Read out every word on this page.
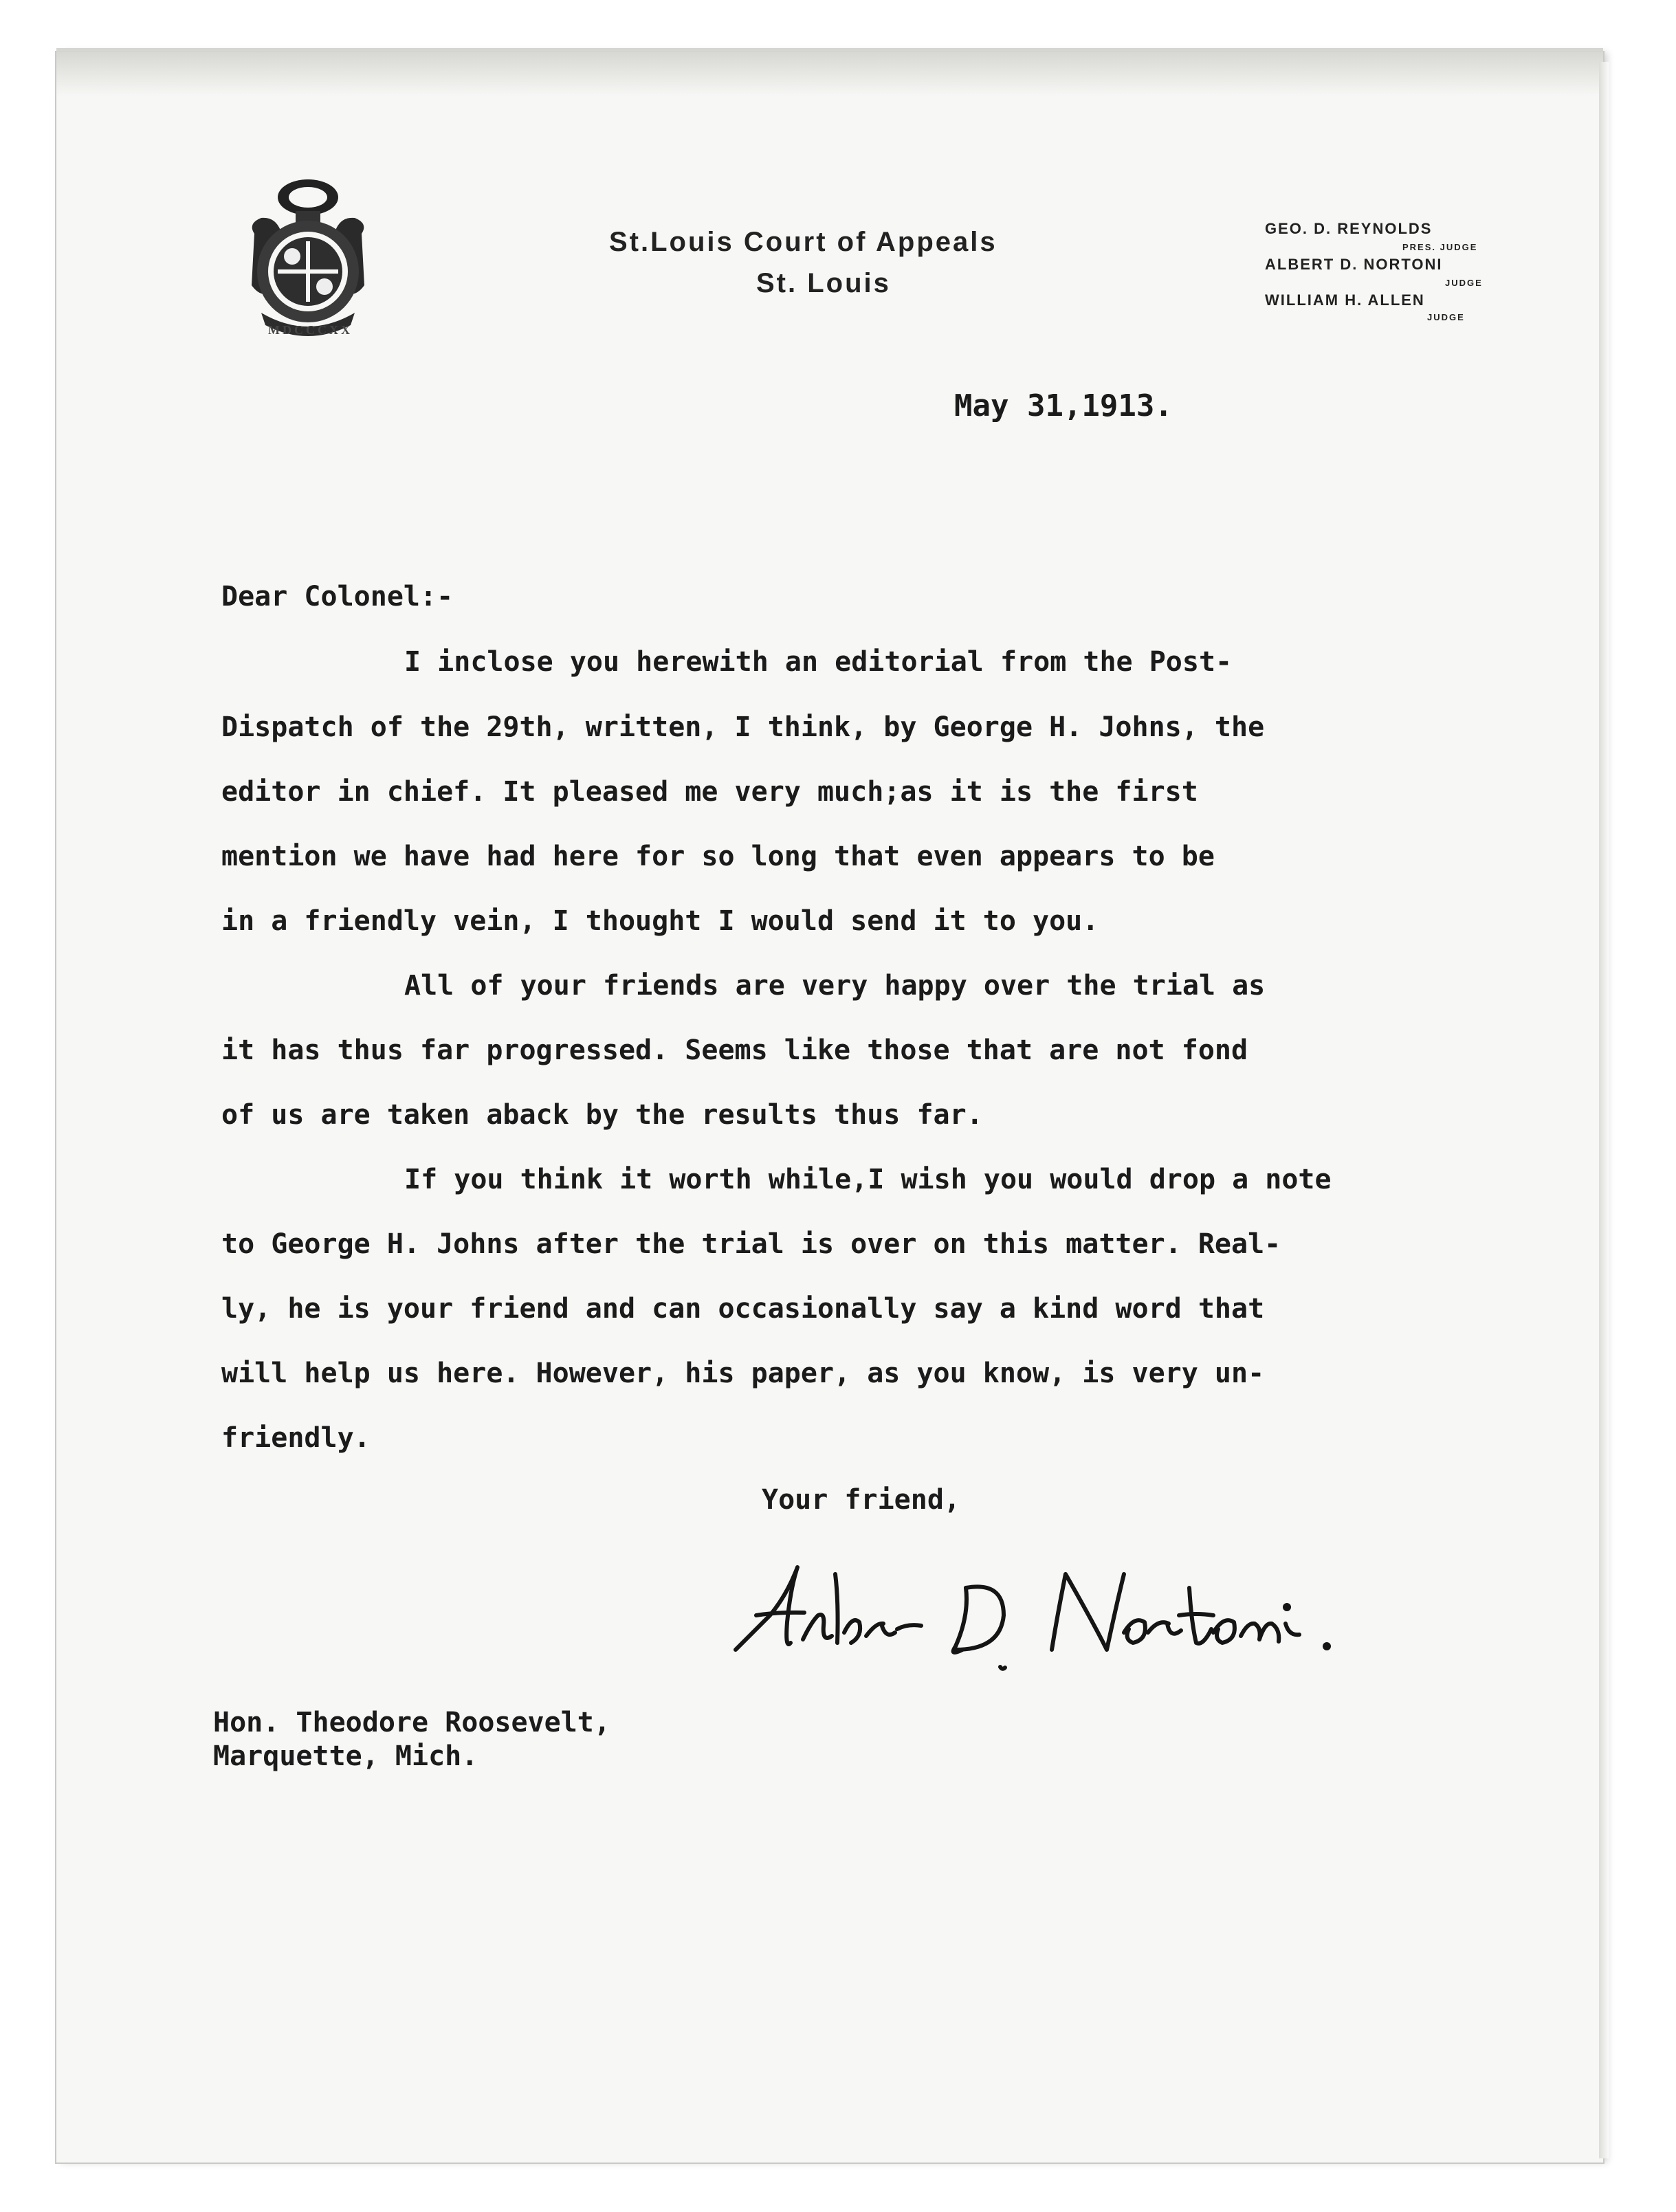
MDCCCXX
St.Louis Court of Appeals
St. Louis
GEO. D. REYNOLDS
PRES. JUDGE
ALBERT D. NORTONI
JUDGE
WILLIAM H. ALLEN
JUDGE
May 31,1913.
Dear Colonel:-
I inclose you herewith an editorial from the Post-
Dispatch of the 29th, written, I think, by George H. Johns, the
editor in chief. It pleased me very much;as it is the first
mention we have had here for so long that even appears to be
in a friendly vein, I thought I would send it to you.
All of your friends are very happy over the trial as
it has thus far progressed. Seems like those that are not fond
of us are taken aback by the results thus far.
If you think it worth while,I wish you would drop a note
to George H. Johns after the trial is over on this matter. Real-
ly, he is your friend and can occasionally say a kind word that
will help us here. However, his paper, as you know, is very un-
friendly.
Your friend,
Hon. Theodore Roosevelt,
Marquette, Mich.
